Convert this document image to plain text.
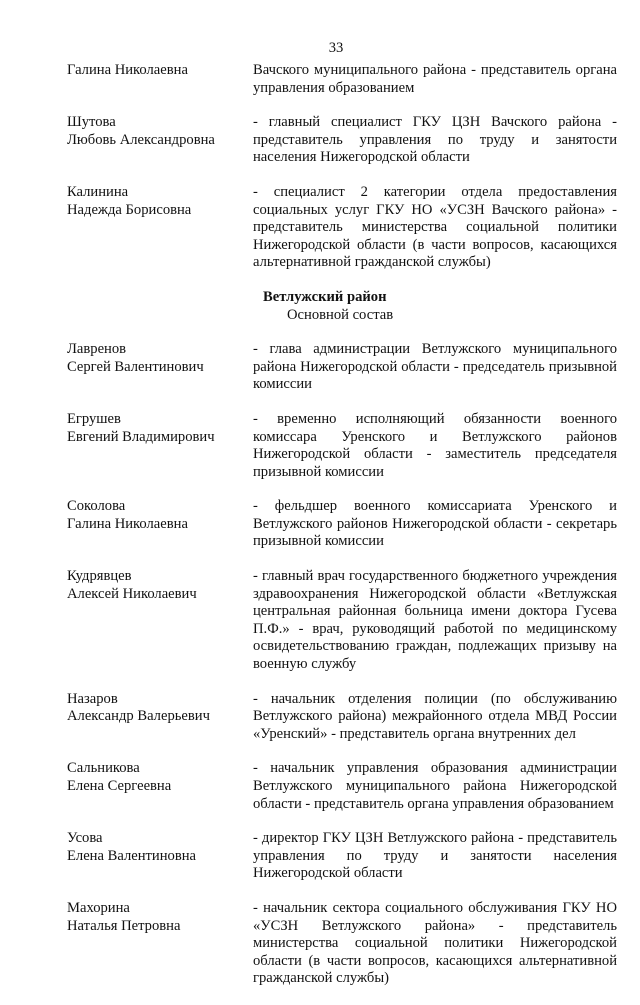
33
Галина Николаевна	Вачского муниципального района - представитель органа управления образованием
Шутова
Любовь Александровна
- главный специалист ГКУ ЦЗН Вачского района - представитель управления по труду и занятости населения Нижегородской области
Калинина
Надежда Борисовна
- специалист 2 категории отдела предоставления социальных услуг ГКУ НО «УСЗН Вачского района» - представитель министерства социальной политики Нижегородской области (в части вопросов, касающихся альтернативной гражданской службы)
Ветлужский район
Основной состав
Лавренов
Сергей Валентинович
- глава администрации Ветлужского муниципального района Нижегородской области - председатель призывной комиссии
Егрушев
Евгений Владимирович
- временно исполняющий обязанности военного комиссара Уренского и Ветлужского районов Нижегородской области - заместитель председателя призывной комиссии
Соколова
Галина Николаевна
- фельдшер военного комиссариата Уренского и Ветлужского районов Нижегородской области - секретарь призывной комиссии
Кудрявцев
Алексей Николаевич
- главный врач государственного бюджетного учреждения здравоохранения Нижегородской области «Ветлужская центральная районная больница имени доктора Гусева П.Ф.» - врач, руководящий работой по медицинскому освидетельствованию граждан, подлежащих призыву на военную службу
Назаров
Александр Валерьевич
- начальник отделения полиции (по обслуживанию Ветлужского района) межрайонного отдела МВД России «Уренский» - представитель органа внутренних дел
Сальникова
Елена Сергеевна
- начальник управления образования администрации Ветлужского муниципального района Нижегородской области - представитель органа управления образованием
Усова
Елена Валентиновна
- директор ГКУ ЦЗН Ветлужского района - представитель управления по труду и занятости населения Нижегородской области
Махорина
Наталья Петровна
- начальник сектора социального обслуживания ГКУ НО «УСЗН Ветлужского района» - представитель министерства социальной политики Нижегородской области (в части вопросов, касающихся альтернативной гражданской службы)
